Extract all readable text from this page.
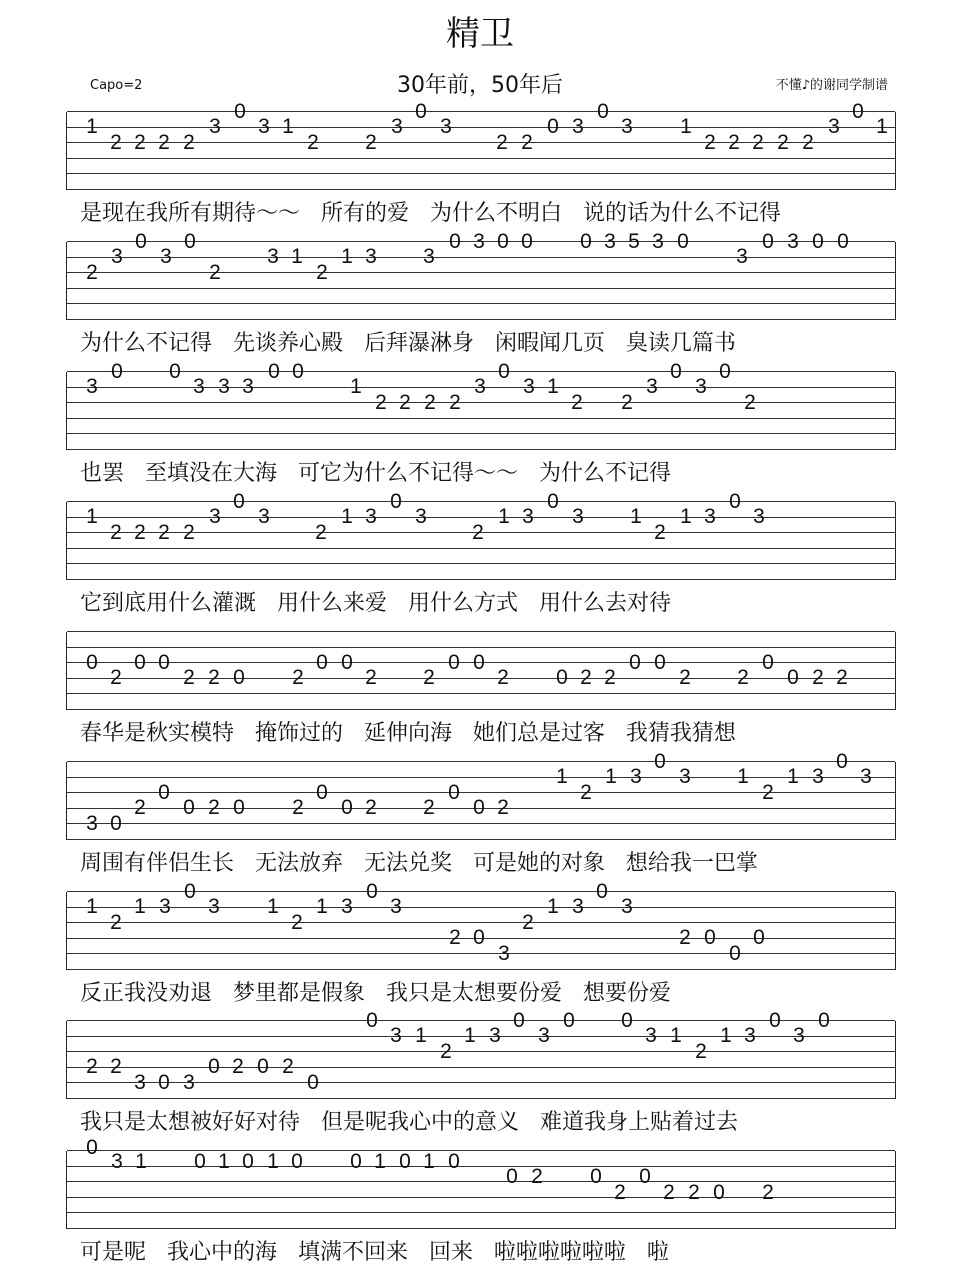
精卫
30年前，50年后
Capo=2	不懂♪的谢同学制谱
1
2 2 2 2
3
0
3 1
2 2
3
0
3
2 2
0 3
0
3 1
2 2 2 2 2
3
0
1
是现在我所有期待～～   所有的爱   为什么不明白   说的话为什么不记得
2
3
0
3
0
2
3 1
2
1 3 3
0 3 0 0 0 3 5 3 0
3
0 3 0 0
为什么不记得   先谈养心殿   后拜瀑淋身   闲暇闻几页   臭读几篇书
3
0 0
3 3 3
0 0
1
2 2 2 2
3
0
3 1
2 2
3
0
3
0
2
也罢   至填没在大海   可它为什么不记得～～   为什么不记得
1
2 2 2 2
3
0
3
2
1 3
0
3
2
1 3
0
3 1
2
1 3
0
3
它到底用什么灌溉   用什么来爱   用什么方式   用什么去对待
0
2
0 0
2 2 0 2
0 0
2 2
0 0
2 0 2 2
0 0
2 2
0
0 2 2
春华是秋实模特   掩饰过的   延伸向海   她们总是过客   我猜我猜想
3 0
2
0
0 2 0 2
0
0 2 2
0
0 2
1
2
1 3
0
3 1
2
1 3
0
3
周围有伴侣生长   无法放弃   无法兑奖   可是她的对象   想给我一巴掌
1
2
1 3
0
3 1
2
1 3
0
3
2 0
3
2
1 3
0
3
2 0
0
0
反正我没劝退   梦里都是假象   我只是太想要份爱   想要份爱
2 2
3 0 3
0 2 0 2
0
0
3 1
2
1 3
0
3
0 0
3 1
2
1 3
0
3
0
我只是太想被好好对待   但是呢我心中的意义   难道我身上贴着过去
0
3 1 0 1 0 1 0 0 1 0 1 0
0 2 0
2
0
2 2 0 2
可是呢   我心中的海   填满不回来   回来   啦啦啦啦啦啦   啦
